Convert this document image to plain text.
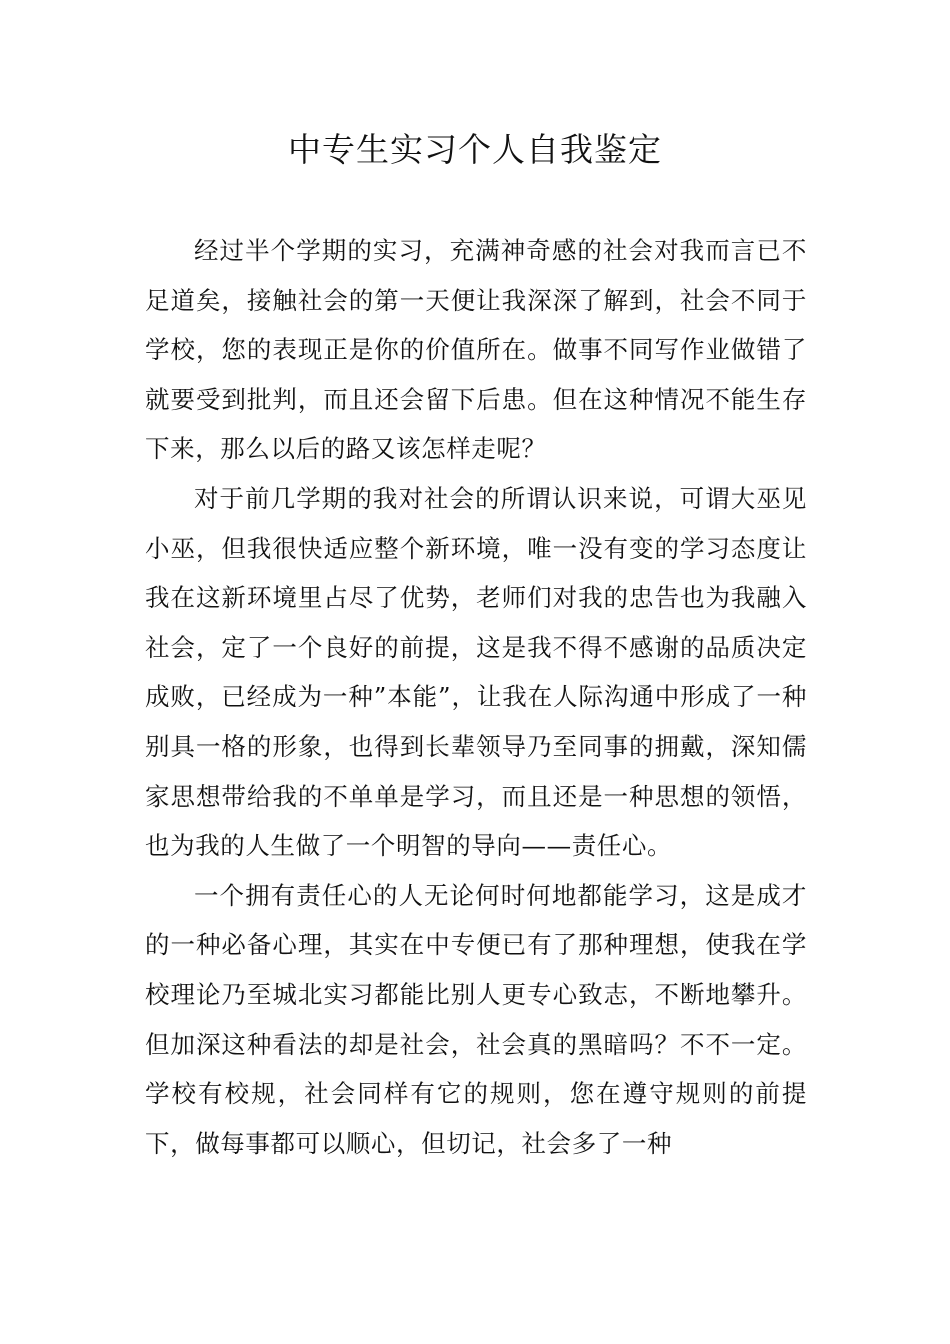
中专生实习个人自我鉴定

经过半个学期的实习，充满神奇感的社会对我而言已不足道矣，接触社会的第一天便让我深深了解到，社会不同于学校，您的表现正是你的价值所在。做事不同写作业做错了就要受到批判，而且还会留下后患。但在这种情况不能生存下来，那么以后的路又该怎样走呢？

对于前几学期的我对社会的所谓认识来说，可谓大巫见小巫，但我很快适应整个新环境，唯一没有变的学习态度让我在这新环境里占尽了优势，老师们对我的忠告也为我融入社会，定了一个良好的前提，这是我不得不感谢的品质决定成败，已经成为一种”本能”，让我在人际沟通中形成了一种别具一格的形象，也得到长辈领导乃至同事的拥戴，深知儒家思想带给我的不单单是学习，而且还是一种思想的领悟，也为我的人生做了一个明智的导向——责任心。

一个拥有责任心的人无论何时何地都能学习，这是成才的一种必备心理，其实在中专便已有了那种理想，使我在学校理论乃至城北实习都能比别人更专心致志，不断地攀升。但加深这种看法的却是社会，社会真的黑暗吗？不不一定。学校有校规，社会同样有它的规则，您在遵守规则的前提下，做每事都可以顺心，但切记，社会多了一种
